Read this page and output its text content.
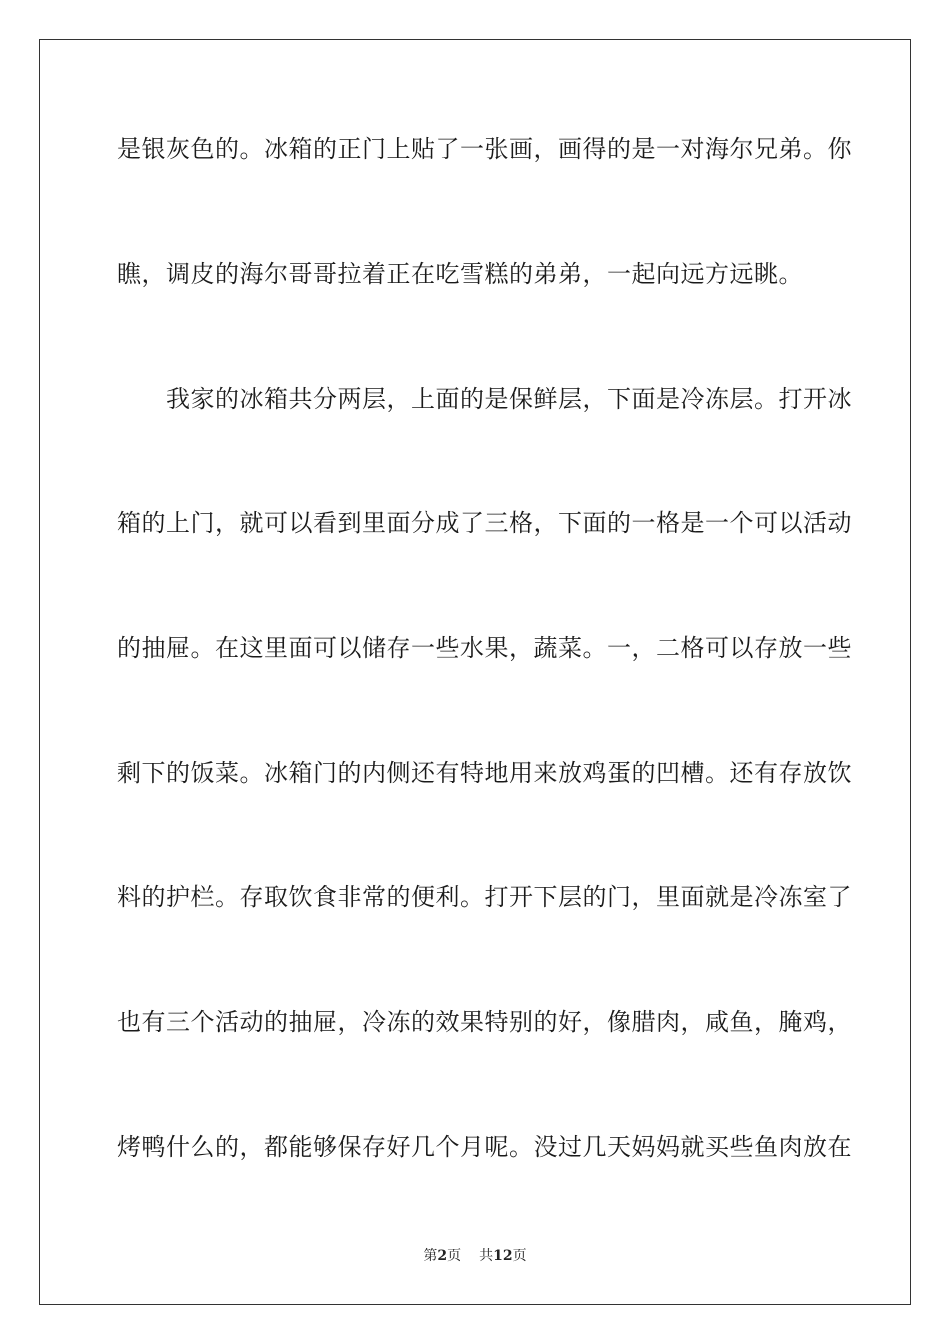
是银灰色的。冰箱的正门上贴了一张画，画得的是一对海尔兄弟。你
瞧，调皮的海尔哥哥拉着正在吃雪糕的弟弟，一起向远方远眺。
　　我家的冰箱共分两层，上面的是保鲜层，下面是冷冻层。打开冰
箱的上门，就可以看到里面分成了三格，下面的一格是一个可以活动
的抽屉。在这里面可以储存一些水果，蔬菜。一，二格可以存放一些
剩下的饭菜。冰箱门的内侧还有特地用来放鸡蛋的凹槽。还有存放饮
料的护栏。存取饮食非常的便利。打开下层的门，里面就是冷冻室了
也有三个活动的抽屉，冷冻的效果特别的好，像腊肉，咸鱼，腌鸡，
烤鸭什么的，都能够保存好几个月呢。没过几天妈妈就买些鱼肉放在
第2页 共12页
